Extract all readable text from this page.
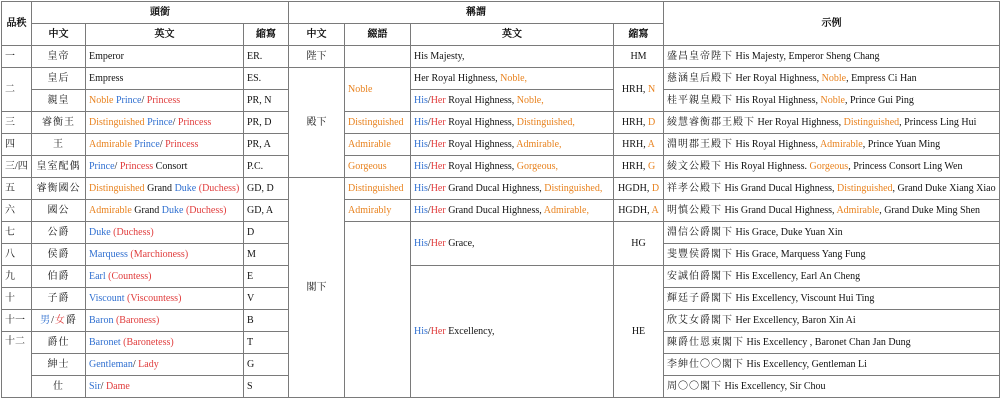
品秩	頭銜			稱謂				示例
	中文	英文	縮寫	中文	綴語	英文	縮寫	
一	皇帝	Emperor	ER.	陛下		His Majesty,	HM	盛昌皇帝陛下 His Majesty, Emperor Sheng Chang
二	皇后	Empress	ES.	殿下	Noble	Her Royal Highness, Noble,	HRH, N	慈涵皇后殿下 Her Royal Highness, Noble, Empress Ci Han
	親皇	Noble Prince/ Princess	PR, N			His/Her Royal Highness, Noble,		桂平親皇殿下 His Royal Highness, Noble, Prince Gui Ping
三	睿衡王	Distinguished Prince/ Princess	PR, D		Distinguished	His/Her Royal Highness, Distinguished,	HRH, D	綾慧睿衡郡王殿下 Her Royal Highness, Distinguished, Princess Ling Hui
四	王	Admirable Prince/ Princess	PR, A		Admirable	His/Her Royal Highness, Admirable,	HRH, A	淵明郡王殿下 His Royal Highness, Admirable, Prince Yuan Ming
三/四	皇室配偶	Prince/ Princess Consort	P.C.		Gorgeous	His/Her Royal Highness, Gorgeous,	HRH, G	綾文公殿下 His Royal Highness. Gorgeous, Princess Consort Ling Wen
五	睿衡國公	Distinguished Grand Duke (Duchess)	GD, D	閣下	Distinguished	His/Her Grand Ducal Highness, Distinguished,	HGDH, D	祥孝公殿下 His Grand Ducal Highness, Distinguished, Grand Duke Xiang Xiao
六	國公	Admirable Grand Duke (Duchess)	GD, A		Admirably	His/Her Grand Ducal Highness, Admirable,	HGDH, A	明慎公殿下 His Grand Ducal Highness, Admirable, Grand Duke Ming Shen
七	公爵	Duke (Duchess)	D			His/Her Grace,	HG	淵信公爵閣下 His Grace, Duke Yuan Xin
八	侯爵	Marquess (Marchioness)	M					斐豐侯爵閣下 His Grace, Marquess Yang Fung
九	伯爵	Earl (Countess)	E			His/Her Excellency,	HE	安誠伯爵閣下 His Excellency, Earl An Cheng
十	子爵	Viscount (Viscountess)	V					輝廷子爵閣下 His Excellency, Viscount Hui Ting
十一	男/女爵	Baron (Baroness)	B					欣艾女爵閣下 Her Excellency, Baron Xin Ai
十二	爵仕	Baronet (Baronetess)	T					陳爵仕恩東閣下 His Excellency , Baronet Chan Jan Dung
	紳士	Gentleman/ Lady	G					李紳仕〇〇閣下 His Excellency, Gentleman Li
	仕	Sir/ Dame	S					周〇〇閣下 His Excellency, Sir Chou
